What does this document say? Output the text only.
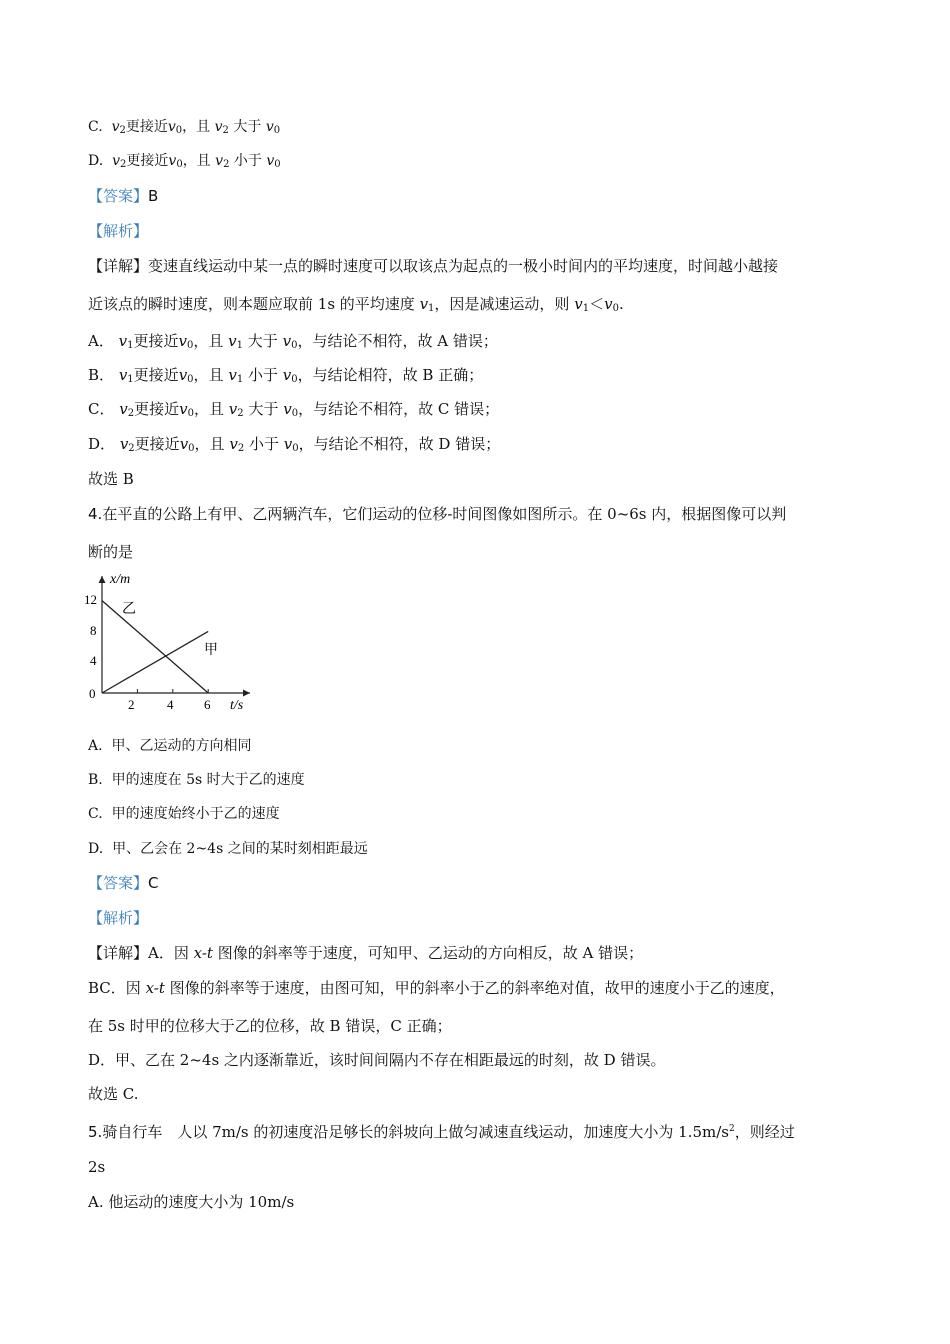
C. $v_2$更接近$v_0$，且 $v_2$ 大于 $v_0$
D. $v_2$更接近$v_0$，且 $v_2$ 小于 $v_0$
【答案】B
【解析】
【详解】变速直线运动中某一点的瞬时速度可以取该点为起点的一极小时间内的平均速度，时间越小越接
近该点的瞬时速度，则本题应取前 1s 的平均速度 $v_1$，因是减速运动，则 $v_1<v_0$.
A． $v_1$更接近$v_0$，且 $v_1$ 大于 $v_0$，与结论不相符，故 A 错误；
B． $v_1$更接近$v_0$，且 $v_1$ 小于 $v_0$，与结论相符，故 B 正确；
C． $v_2$更接近$v_0$，且 $v_2$ 大于 $v_0$，与结论不相符，故 C 错误；
D． $v_2$更接近$v_0$，且 $v_2$ 小于 $v_0$，与结论不相符，故 D 错误；
故选 B
4.在平直的公路上有甲、乙两辆汽车，它们运动的位移-时间图像如图所示。在 0~6s 内，根据图像可以判
断的是
x/m
t/s
0
4
8
12
2	4 6
乙
甲
A. 甲、乙运动的方向相同
B. 甲的速度在 5s 时大于乙的速度
C. 甲的速度始终小于乙的速度
D. 甲、乙会在 2~4s 之间的某时刻相距最远
【答案】C
【解析】
【详解】A．因 x-t 图像的斜率等于速度，可知甲、乙运动的方向相反，故 A 错误；
BC．因 x-t 图像的斜率等于速度，由图可知，甲的斜率小于乙的斜率绝对值，故甲的速度小于乙的速度，
在 5s 时甲的位移大于乙的位移，故 B 错误，C 正确；
D．甲、乙在 2~4s 之内逐渐靠近，该时间间隔内不存在相距最远的时刻，故 D 错误。
故选 C.
5.骑自行车　人以 7m/s 的初速度沿足够长的斜坡向上做匀减速直线运动，加速度大小为 $1.5m/s^2$，则经过
2s
A. 他运动的速度大小为 10m/s
